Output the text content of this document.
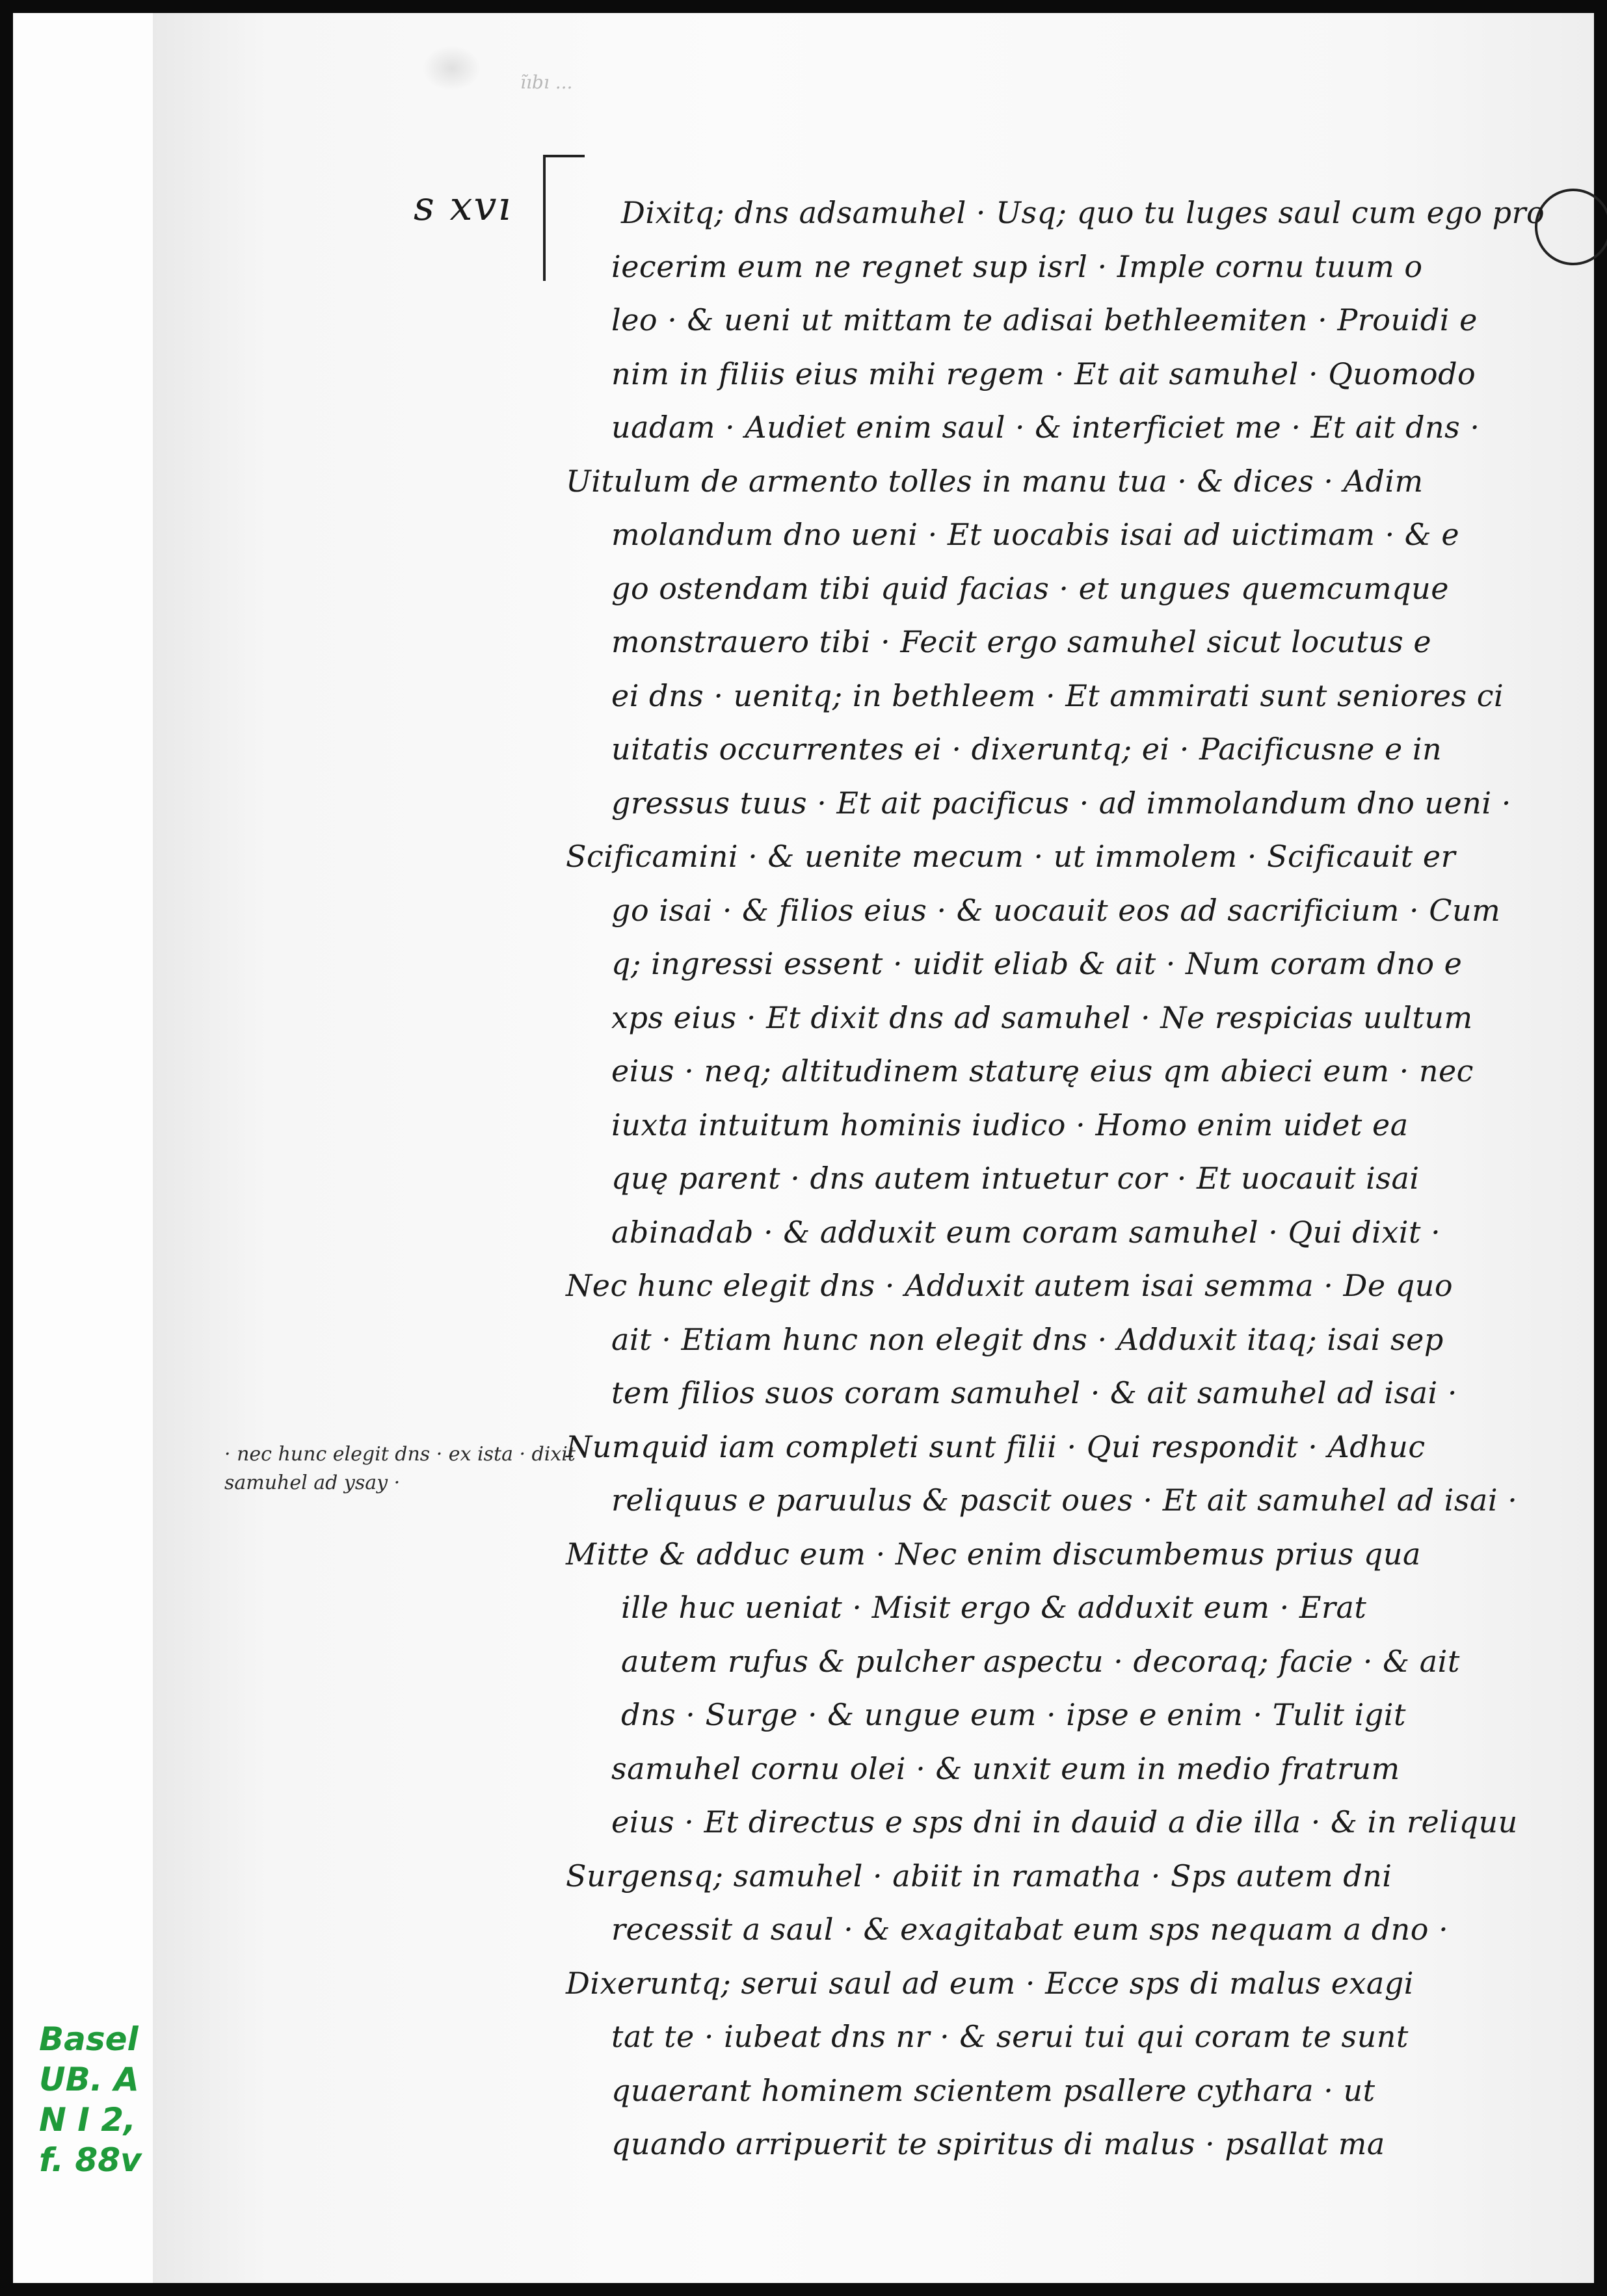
ı̃ıbı ...
s xvı	Dixitq; dns adsamuhel · Usq; quo tu luges saul cum ego pro
iecerim eum ne regnet sup isrl · Imple cornu tuum o
leo · & ueni ut mittam te adisai bethleemiten · Prouidi e
nim in filiis eius mihi regem · Et ait samuhel · Quomodo
uadam · Audiet enim saul · & interficiet me · Et ait dns ·
Uitulum de armento tolles in manu tua · & dices · Adim
molandum dno ueni · Et uocabis isai ad uictimam · & e
go ostendam tibi quid facias · et ungues quemcumque
monstrauero tibi · Fecit ergo samuhel sicut locutus e
ei dns · uenitq; in bethleem · Et ammirati sunt seniores ci
uitatis occurrentes ei · dixeruntq; ei · Pacificusne e in
gressus tuus · Et ait pacificus · ad immolandum dno ueni ·
Scificamini · & uenite mecum · ut immolem · Scificauit er
go isai · & filios eius · & uocauit eos ad sacrificium · Cum
q; ingressi essent · uidit eliab & ait · Num coram dno e
xps eius · Et dixit dns ad samuhel · Ne respicias uultum
eius · neq; altitudinem staturę eius qm abieci eum · nec
iuxta intuitum hominis iudico · Homo enim uidet ea
quę parent · dns autem intuetur cor · Et uocauit isai
abinadab · & adduxit eum coram samuhel · Qui dixit ·
Nec hunc elegit dns · Adduxit autem isai semma · De quo
ait · Etiam hunc non elegit dns · Adduxit itaq; isai sep
tem filios suos coram samuhel · & ait samuhel ad isai ·
Numquid iam completi sunt filii · Qui respondit · Adhuc
reliquus e paruulus & pascit oues · Et ait samuhel ad isai ·
Mitte & adduc eum · Nec enim discumbemus prius qua
ille huc ueniat · Misit ergo & adduxit eum · Erat
autem rufus & pulcher aspectu · decoraq; facie · & ait
dns · Surge · & ungue eum · ipse e enim · Tulit igit
samuhel cornu olei · & unxit eum in medio fratrum
eius · Et directus e sps dni in dauid a die illa · & in reliquu
Surgensq; samuhel · abiit in ramatha · Sps autem dni
recessit a saul · & exagitabat eum sps nequam a dno ·
Dixeruntq; serui saul ad eum · Ecce sps di malus exagi
tat te · iubeat dns nr · & serui tui qui coram te sunt
quaerant hominem scientem psallere cythara · ut
quando arripuerit te spiritus di malus · psallat ma
· nec hunc elegit dns · ex ista · dixit
samuhel ad ysay ·
Basel
UB. A
N I 2,
f. 88v
